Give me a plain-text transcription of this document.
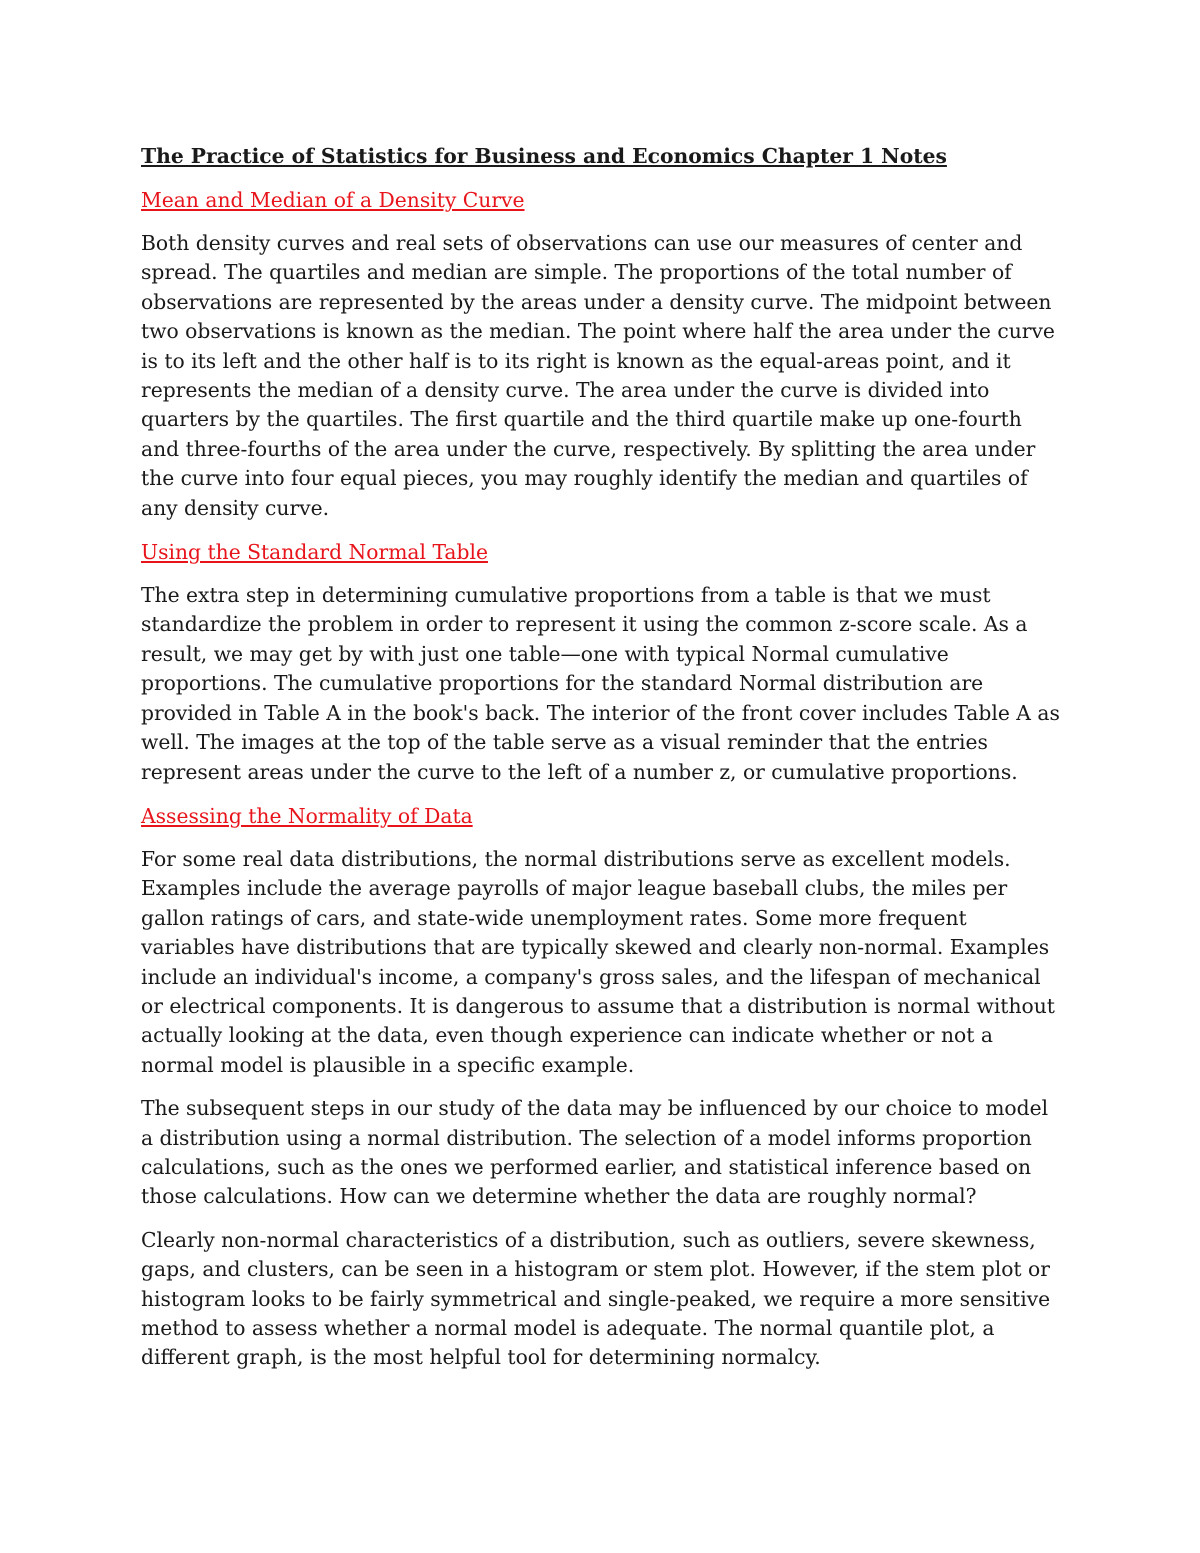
The Practice of Statistics for Business and Economics Chapter 1 Notes
Mean and Median of a Density Curve

Both density curves and real sets of observations can use our measures of center and spread. The quartiles and median are simple. The proportions of the total number of observations are represented by the areas under a density curve. The midpoint between two observations is known as the median. The point where half the area under the curve is to its left and the other half is to its right is known as the equal-areas point, and it represents the median of a density curve. The area under the curve is divided into quarters by the quartiles. The first quartile and the third quartile make up one-fourth and three-fourths of the area under the curve, respectively. By splitting the area under the curve into four equal pieces, you may roughly identify the median and quartiles of any density curve.

Using the Standard Normal Table

The extra step in determining cumulative proportions from a table is that we must standardize the problem in order to represent it using the common z-score scale. As a result, we may get by with just one table—one with typical Normal cumulative proportions. The cumulative proportions for the standard Normal distribution are provided in Table A in the book's back. The interior of the front cover includes Table A as well. The images at the top of the table serve as a visual reminder that the entries represent areas under the curve to the left of a number z, or cumulative proportions.

Assessing the Normality of Data

For some real data distributions, the normal distributions serve as excellent models. Examples include the average payrolls of major league baseball clubs, the miles per gallon ratings of cars, and state-wide unemployment rates. Some more frequent variables have distributions that are typically skewed and clearly non-normal. Examples include an individual's income, a company's gross sales, and the lifespan of mechanical or electrical components. It is dangerous to assume that a distribution is normal without actually looking at the data, even though experience can indicate whether or not a normal model is plausible in a specific example.

The subsequent steps in our study of the data may be influenced by our choice to model a distribution using a normal distribution. The selection of a model informs proportion calculations, such as the ones we performed earlier, and statistical inference based on those calculations. How can we determine whether the data are roughly normal?

Clearly non-normal characteristics of a distribution, such as outliers, severe skewness, gaps, and clusters, can be seen in a histogram or stem plot. However, if the stem plot or histogram looks to be fairly symmetrical and single-peaked, we require a more sensitive method to assess whether a normal model is adequate. The normal quantile plot, a different graph, is the most helpful tool for determining normalcy.
